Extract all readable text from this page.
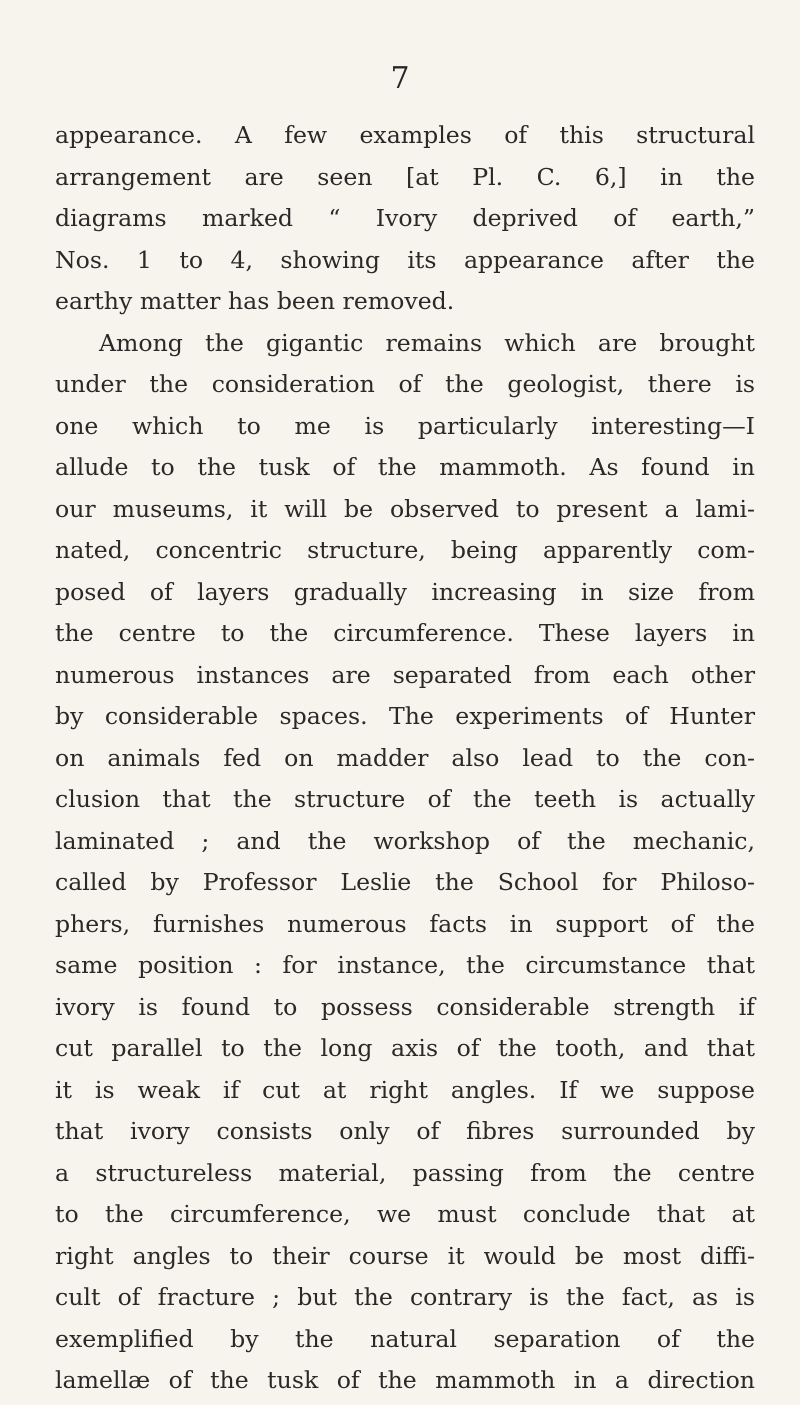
7
appearance. A few examples of this structural
arrangement are seen [at Pl. C. 6,] in the
diagrams marked “ Ivory deprived of earth,”
Nos. 1 to 4, showing its appearance after the
earthy matter has been removed.
Among the gigantic remains which are brought
under the consideration of the geologist, there is
one which to me is particularly interesting—I
allude to the tusk of the mammoth. As found in
our museums, it will be observed to present a lami-
nated, concentric structure, being apparently com-
posed of layers gradually increasing in size from
the centre to the circumference. These layers in
numerous instances are separated from each other
by considerable spaces. The experiments of Hunter
on animals fed on madder also lead to the con-
clusion that the structure of the teeth is actually
laminated ; and the workshop of the mechanic,
called by Professor Leslie the School for Philoso-
phers, furnishes numerous facts in support of the
same position : for instance, the circumstance that
ivory is found to possess considerable strength if
cut parallel to the long axis of the tooth, and that
it is weak if cut at right angles. If we suppose
that ivory consists only of fibres surrounded by
a structureless material, passing from the centre
to the circumference, we must conclude that at
right angles to their course it would be most diffi-
cult of fracture ; but the contrary is the fact, as is
exemplified by the natural separation of the
lamellæ of the tusk of the mammoth in a direction
